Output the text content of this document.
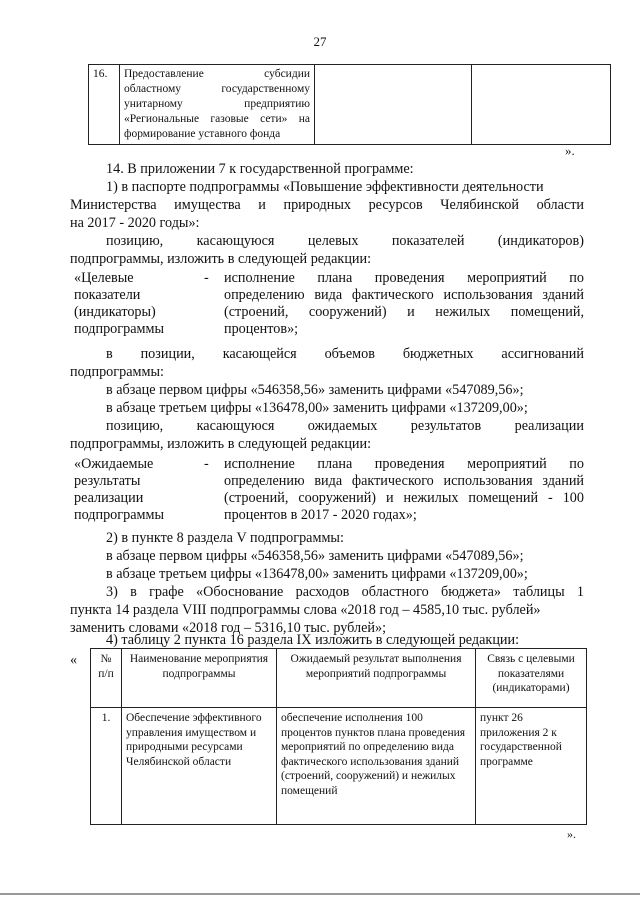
27
16.	Предоставление субсидии областному государственному унитарному предприятию «Региональные газовые сети» на формирование уставного фонда		
».
14. В приложении 7 к государственной программе:
1) в паспорте подпрограммы «Повышение эффективности деятельности
Министерства имущества и природных ресурсов Челябинской области
на 2017 - 2020 годы»:
позицию, касающуюся целевых показателей (индикаторов)
подпрограммы, изложить в следующей редакции:
«Целевые показатели (индикаторы) подпрограммы
- исполнение плана проведения мероприятий по определению вида фактического использования зданий (строений, сооружений) и нежилых помещений, процентов»;
в позиции, касающейся объемов бюджетных ассигнований
подпрограммы:
в абзаце первом цифры «546358,56» заменить цифрами «547089,56»;
в абзаце третьем цифры «136478,00» заменить цифрами «137209,00»;
позицию, касающуюся ожидаемых результатов реализации
подпрограммы, изложить в следующей редакции:
«Ожидаемые результаты реализации подпрограммы
- исполнение плана проведения мероприятий по определению вида фактического использования зданий (строений, сооружений) и нежилых помещений - 100 процентов в 2017 - 2020 годах»;
2) в пункте 8 раздела V подпрограммы:
в абзаце первом цифры «546358,56» заменить цифрами «547089,56»;
в абзаце третьем цифры «136478,00» заменить цифрами «137209,00»;
3) в графе «Обоснование расходов областного бюджета» таблицы 1
пункта 14 раздела VIII подпрограммы слова «2018 год – 4585,10 тыс. рублей»
заменить словами «2018 год – 5316,10 тыс. рублей»;
4) таблицу 2 пункта 16 раздела IX изложить в следующей редакции:
« № п/п	Наименование мероприятия подпрограммы	Ожидаемый результат выполнения мероприятий подпрограммы	Связь с целевыми показателями (индикаторами)
1.	Обеспечение эффективного управления имуществом и природными ресурсами Челябинской области	обеспечение исполнения 100 процентов пунктов плана проведения мероприятий по определению вида фактического использования зданий (строений, сооружений) и нежилых помещений	пункт 26 приложения 2 к государственной программе
».
